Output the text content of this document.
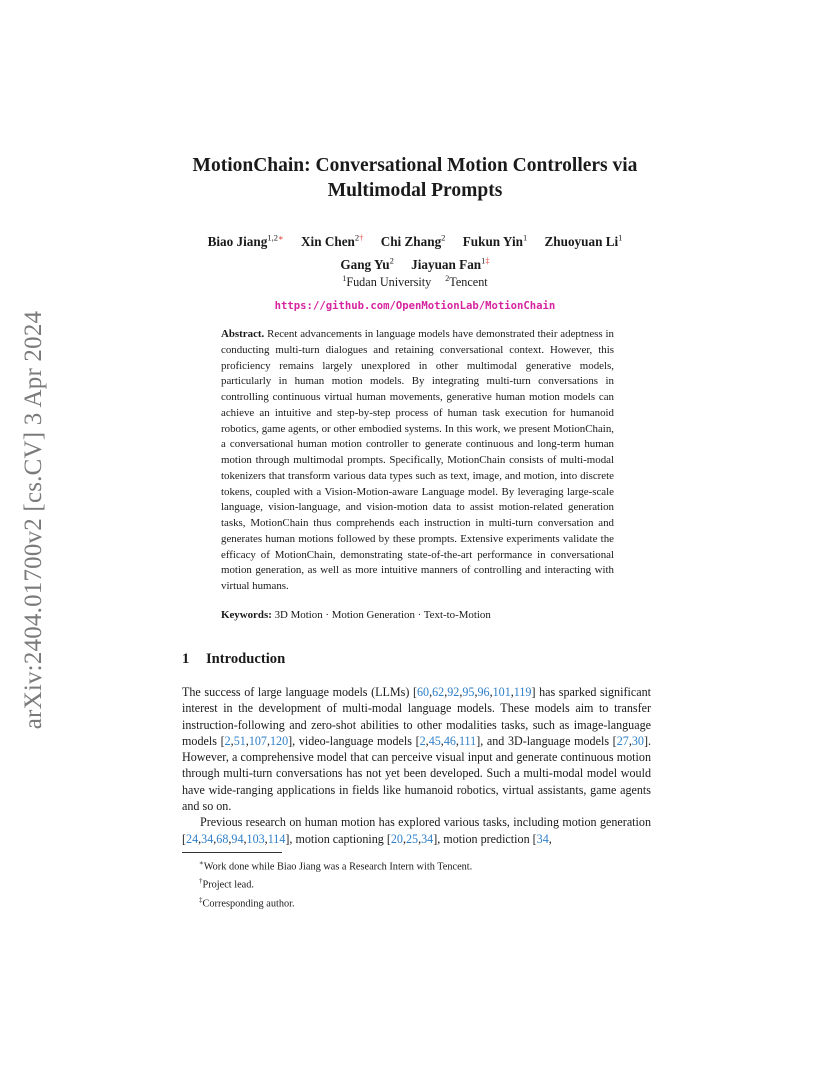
arXiv:2404.01700v2 [cs.CV] 3 Apr 2024
MotionChain: Conversational Motion Controllers via
Multimodal Prompts
Biao Jiang$^{1,2∗}$ Xin Chen$^{2\dagger}$ Chi Zhang$^2$ Fukun Yin$^1$ Zhuoyuan Li$^1$
Gang Yu$^2$ Jiayuan Fan$^{1\ddagger}$
$^1$Fudan University $^2$Tencent
https://github.com/OpenMotionLab/MotionChain
Abstract. Recent advancements in language models have demonstrated their adeptness in conducting multi-turn dialogues and retaining conversational context. However, this proficiency remains largely unexplored in other multimodal generative models, particularly in human motion models. By integrating multi-turn conversations in controlling continuous virtual human movements, generative human motion models can achieve an intuitive and step-by-step process of human task execution for humanoid robotics, game agents, or other embodied systems. In this work, we present MotionChain, a conversational human motion controller to generate continuous and long-term human motion through multimodal prompts. Specifically, MotionChain consists of multi-modal tokenizers that transform various data types such as text, image, and motion, into discrete tokens, coupled with a Vision-Motion-aware Language model. By leveraging large-scale language, vision-language, and vision-motion data to assist motion-related generation tasks, MotionChain thus comprehends each instruction in multi-turn conversation and generates human motions followed by these prompts. Extensive experiments validate the efficacy of MotionChain, demonstrating state-of-the-art performance in conversational motion generation, as well as more intuitive manners of controlling and interacting with virtual humans.
Keywords: 3D Motion · Motion Generation · Text-to-Motion
1 Introduction

The success of large language models (LLMs) [60,62,92,95,96,101,119] has sparked significant interest in the development of multi-modal language models. These models aim to transfer instruction-following and zero-shot abilities to other modalities tasks, such as image-language models [2,51,107,120], video-language models [2,45,46,111], and 3D-language models [27,30]. However, a comprehensive model that can perceive visual input and generate continuous motion through multi-turn conversations has not yet been developed. Such a multi-modal model would have wide-ranging applications in fields like humanoid robotics, virtual assistants, game agents and so on.

Previous research on human motion has explored various tasks, including motion generation [24,34,68,94,103,114], motion captioning [20,25,34], motion prediction [34,

∗Work done while Biao Jiang was a Research Intern with Tencent.
†Project lead.
‡Corresponding author.
